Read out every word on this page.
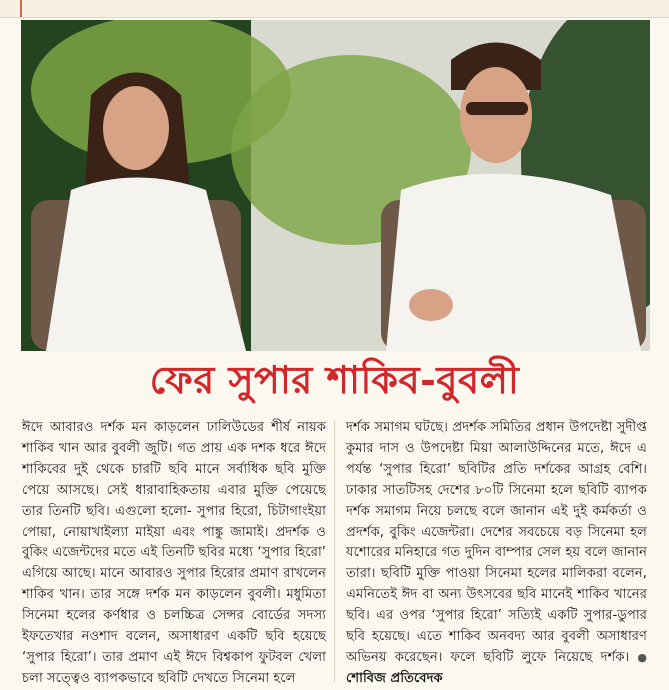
ফের সুপার শাকিব-বুবলী
ঈদে আবারও দর্শক মন কাড়লেন ঢালিউডের শীর্ষ নায়ক শাকিব খান আর বুবলী জুটি। গত প্রায় এক দশক ধরে ঈদে শাকিবের দুই থেকে চারটি ছবি মানে সর্বাধিক ছবি মুক্তি পেয়ে আসছে। সেই ধারাবাহিকতায় এবার মুক্তি পেয়েছে তার তিনটি ছবি। এগুলো হলো- সুপার হিরো, চিটাগাংইয়া পোয়া, নোয়াখাইল্যা মাইয়া এবং পাঙ্কু জামাই। প্রদর্শক ও বুকিং এজেন্টদের মতে এই তিনটি ছবির মধ্যে ‘সুপার হিরো’ এগিয়ে আছে। মানে আবারও সুপার হিরোর প্রমাণ রাখলেন শাকিব খান। তার সঙ্গে দর্শক মন কাড়লেন বুবলী। মধুমিতা সিনেমা হলের কর্ণধার ও চলচ্চিত্র সেন্সর বোর্ডের সদস্য ইফতেখার নওশাদ বলেন, অসাধারণ একটি ছবি হয়েছে ‘সুপার হিরো’। তার প্রমাণ এই ঈদে বিশ্বকাপ ফুটবল খেলা চলা সত্ত্বেও ব্যাপকভাবে ছবিটি দেখতে সিনেমা হলে
দর্শক সমাগম ঘটছে। প্রদর্শক সমিতির প্রধান উপদেষ্টা সুদীপ্ত কুমার দাস ও উপদেষ্টা মিয়া আলাউদ্দিনের মতে, ঈদে এ পর্যন্ত ‘সুপার হিরো’ ছবিটির প্রতি দর্শকের আগ্রহ বেশি। ঢাকার সাতটিসহ দেশের ৮০টি সিনেমা হলে ছবিটি ব্যাপক দর্শক সমাগম নিয়ে চলছে বলে জানান এই দুই কর্মকর্তা ও প্রদর্শক, বুকিং এজেন্টরা। দেশের সবচেয়ে বড় সিনেমা হল যশোরের মনিহারে গত দুদিন বাম্পার সেল হয় বলে জানান তারা। ছবিটি মুক্তি পাওয়া সিনেমা হলের মালিকরা বলেন, এমনিতেই ঈদ বা অন্য উৎসবের ছবি মানেই শাকিব খানের ছবি। এর ওপর ‘সুপার হিরো’ সত্যিই একটি সুপার-ডুপার ছবি হয়েছে। এতে শাকিব অনবদ্য আর বুবলী অসাধারণ অভিনয় করেছেন। ফলে ছবিটি লুফে নিয়েছে দর্শক। ● শোবিজ প্রতিবেদক
